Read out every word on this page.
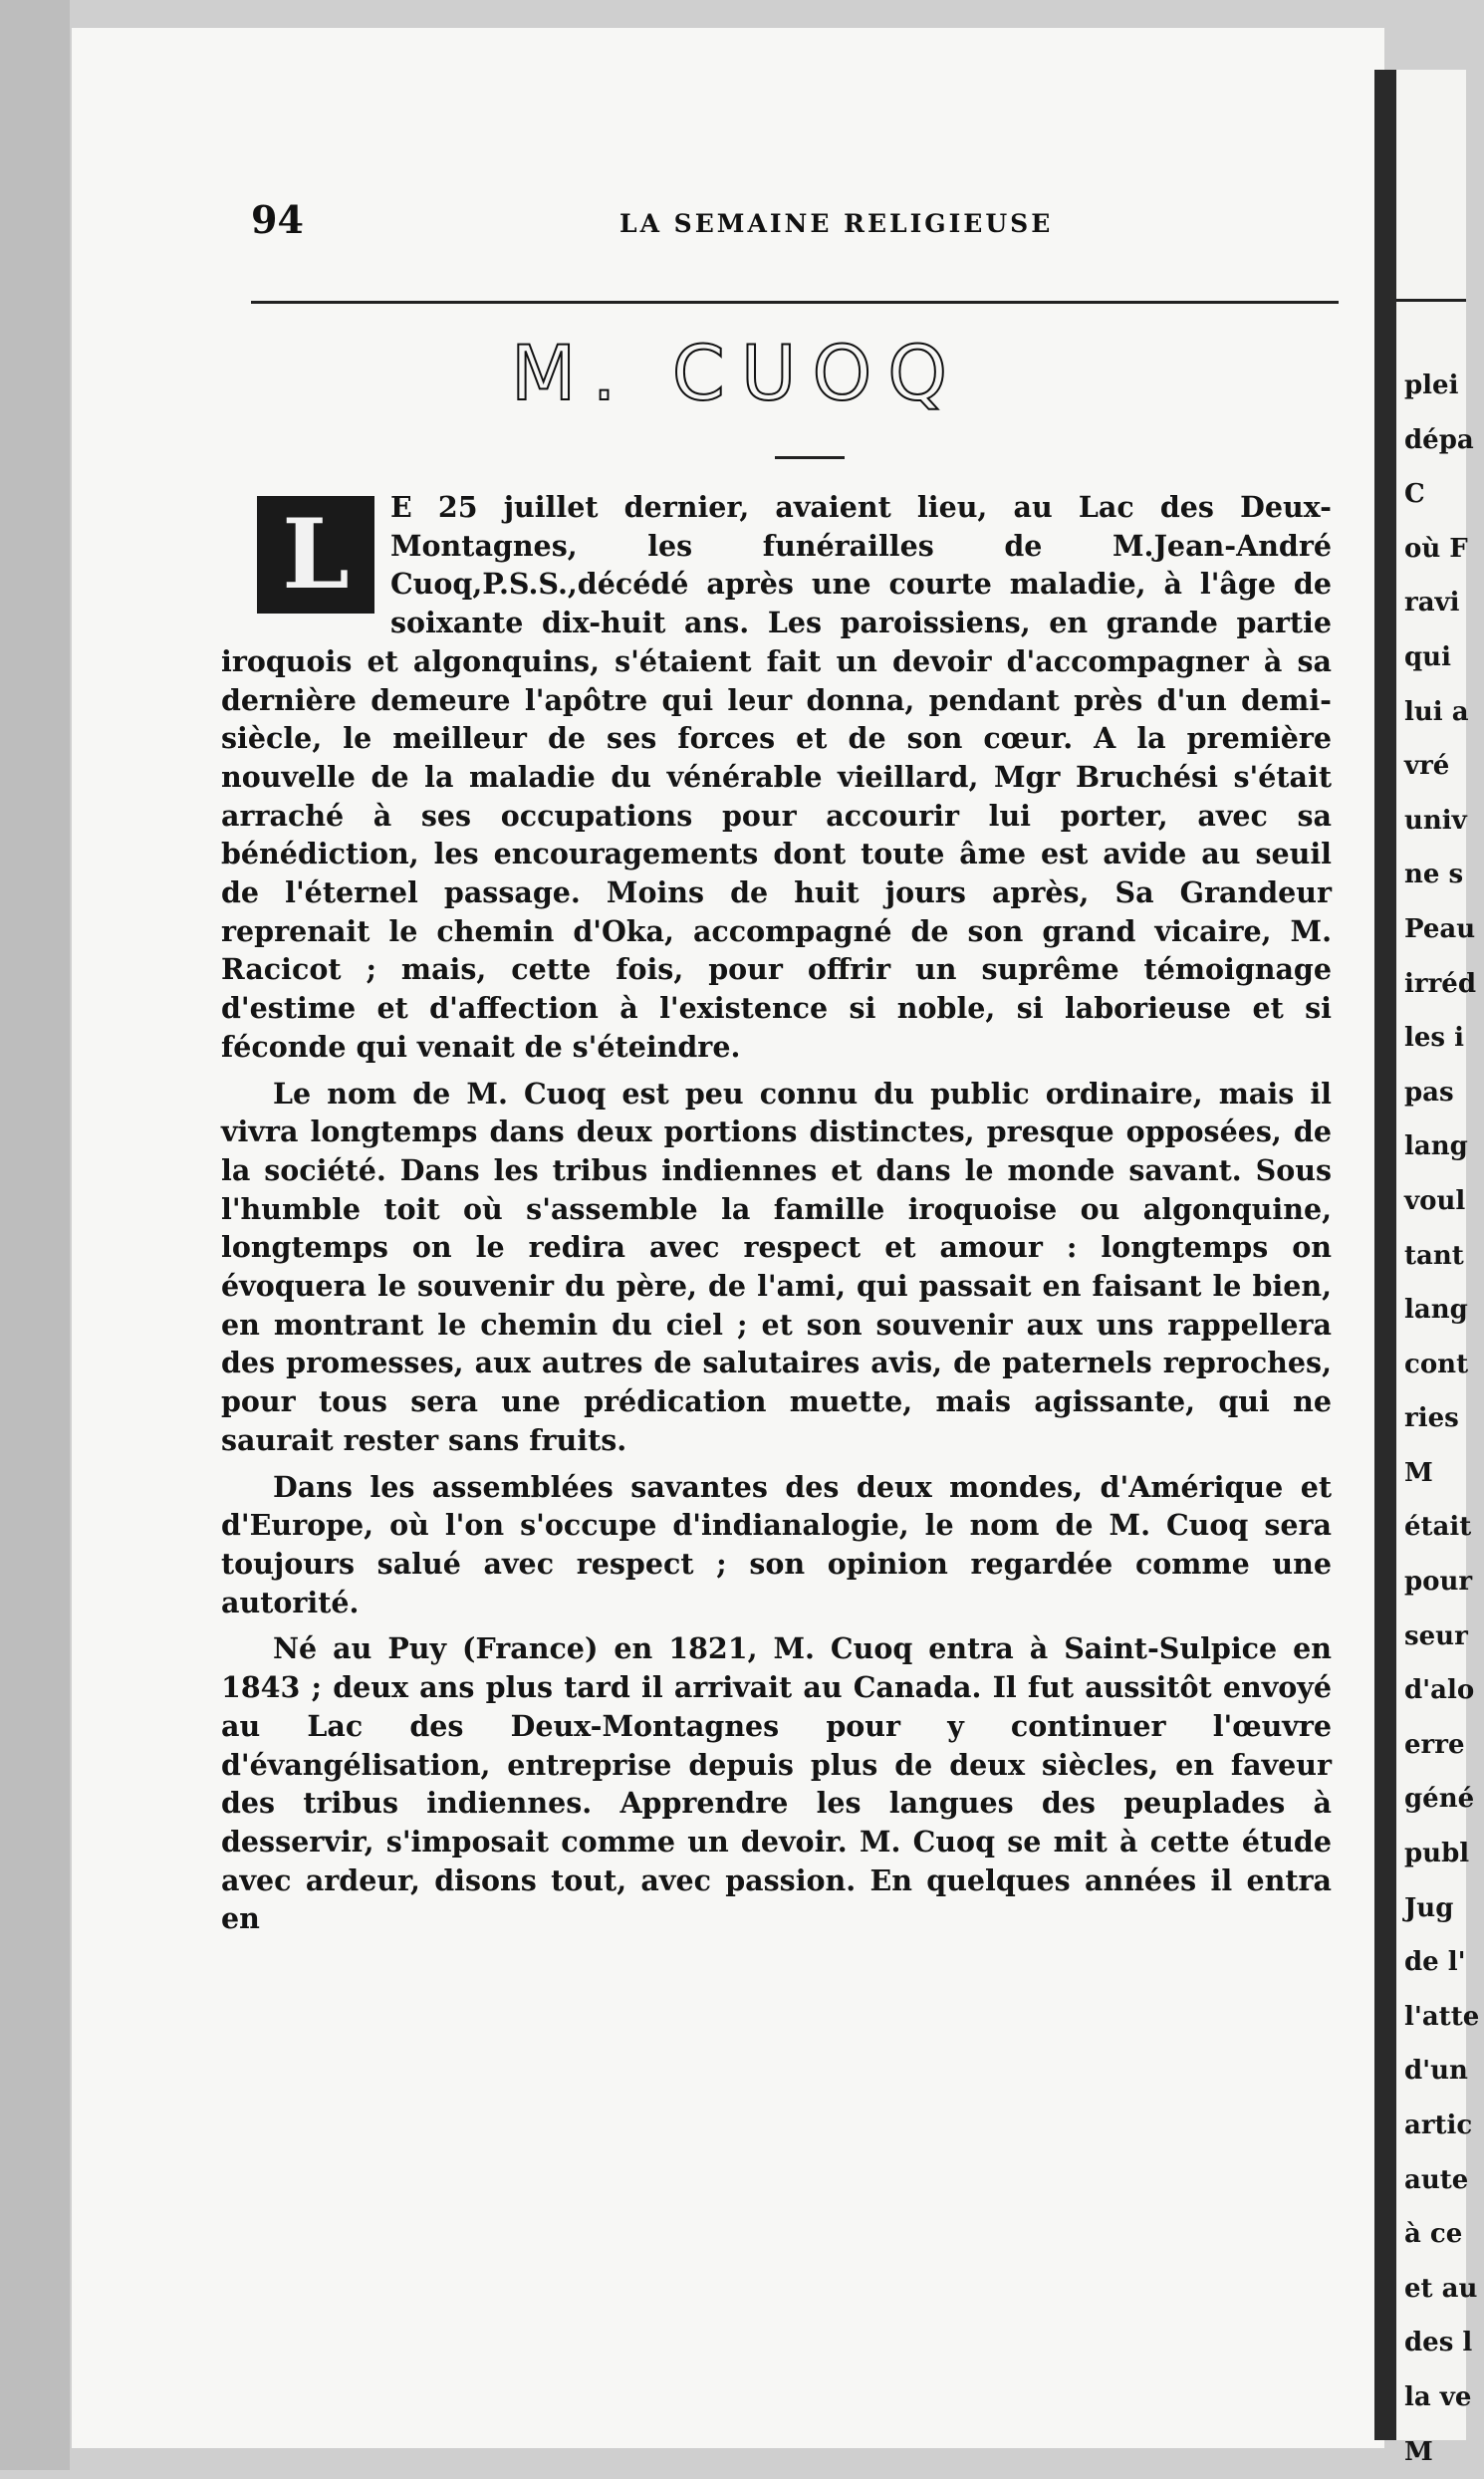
94	LA SEMAINE RELIGIEUSE
M. CUOQ
L	E 25 juillet dernier, avaient lieu, au Lac des Deux-Montagnes, les funérailles de M.Jean-André Cuoq,P.S.S.,décédé après une courte maladie, à l'âge de soixante dix-huit ans. Les paroissiens, en grande partie iroquois et algonquins, s'étaient fait un devoir d'accompagner à sa dernière demeure l'apôtre qui leur donna, pendant près d'un demi-siècle, le meilleur de ses forces et de son cœur. A la première nouvelle de la maladie du vénérable vieillard, Mgr Bruchési s'était arraché à ses occupations pour accourir lui porter, avec sa bénédiction, les encouragements dont toute âme est avide au seuil de l'éternel passage. Moins de huit jours après, Sa Grandeur reprenait le chemin d'Oka, accompagné de son grand vicaire, M. Racicot ; mais, cette fois, pour offrir un suprême témoignage d'estime et d'affection à l'existence si noble, si laborieuse et si féconde qui venait de s'éteindre.

Le nom de M. Cuoq est peu connu du public ordinaire, mais il vivra longtemps dans deux portions distinctes, presque opposées, de la société. Dans les tribus indiennes et dans le monde savant. Sous l'humble toit où s'assemble la famille iroquoise ou algonquine, longtemps on le redira avec respect et amour : longtemps on évoquera le souvenir du père, de l'ami, qui passait en faisant le bien, en montrant le chemin du ciel ; et son souvenir aux uns rappellera des promesses, aux autres de salutaires avis, de paternels reproches, pour tous sera une prédication muette, mais agissante, qui ne saurait rester sans fruits.

Dans les assemblées savantes des deux mondes, d'Amérique et d'Europe, où l'on s'occupe d'indianalogie, le nom de M. Cuoq sera toujours salué avec respect ; son opinion regardée comme une autorité.

Né au Puy (France) en 1821, M. Cuoq entra à Saint-Sulpice en 1843 ; deux ans plus tard il arrivait au Canada. Il fut aussitôt envoyé au Lac des Deux-Montagnes pour y continuer l'œuvre d'évangélisation, entreprise depuis plus de deux siècles, en faveur des tribus indiennes. Apprendre les langues des peuplades à desservir, s'imposait comme un devoir. M. Cuoq se mit à cette étude avec ardeur, disons tout, avec passion. En quelques années il entra en

plei
dépa
C
où F
ravi
qui
lui a
vré
univ
ne s
Peau
irréd
les i
pas
lang
voul
tant
lang
cont
ries
M
était
pour
seur
d'alo
erre
géné
publ
Jug
de l'
l'atte
d'un
artic
aute
à ce
et au
des l
la ve
M
